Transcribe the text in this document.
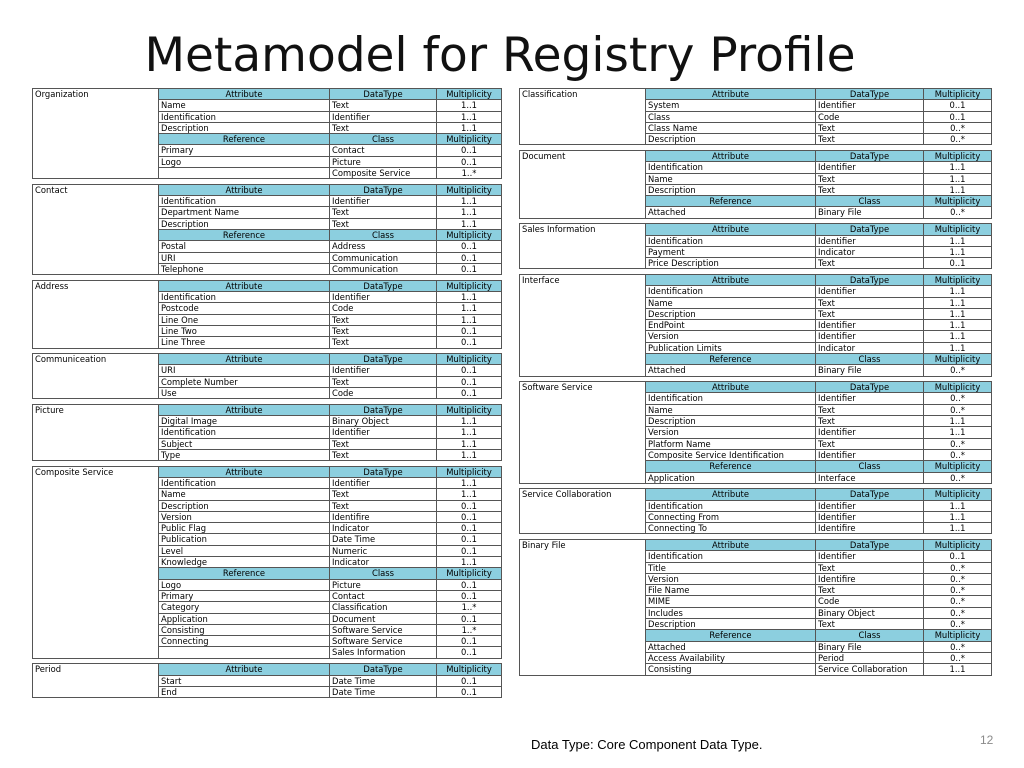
Metamodel for Registry Profile
Organization	Attribute	DataType	Multiplicity
	Name	Text	1..1
	Identification	Identifier	1..1
	Description	Text	1..1
	Reference	Class	Multiplicity
	Primary	Contact	0..1
	Logo	Picture	0..1
		Composite Service	1..*
Contact	Attribute	DataType	Multiplicity
	Identification	Identifier	1..1
	Department Name	Text	1..1
	Description	Text	1..1
	Reference	Class	Multiplicity
	Postal	Address	0..1
	URI	Communication	0..1
	Telephone	Communication	0..1
Address	Attribute	DataType	Multiplicity
	Identification	Identifier	1..1
	Postcode	Code	1..1
	Line One	Text	1..1
	Line Two	Text	0..1
	Line Three	Text	0..1
Communiceation	Attribute	DataType	Multiplicity
	URI	Identifier	0..1
	Complete Number	Text	0..1
	Use	Code	0..1
Picture	Attribute	DataType	Multiplicity
	Digital Image	Binary Object	1..1
	Identification	Identifier	1..1
	Subject	Text	1..1
	Type	Text	1..1
Composite Service	Attribute	DataType	Multiplicity
	Identification	Identifier	1..1
	Name	Text	1..1
	Description	Text	0..1
	Version	Identifire	0..1
	Public Flag	Indicator	0..1
	Publication	Date Time	0..1
	Level	Numeric	0..1
	Knowledge	Indicator	1..1
	Reference	Class	Multiplicity
	Logo	Picture	0..1
	Primary	Contact	0..1
	Category	Classification	1..*
	Application	Document	0..1
	Consisting	Software Service	1..*
	Connecting	Software Service	0..1
		Sales Information	0..1
Period	Attribute	DataType	Multiplicity
	Start	Date Time	0..1
	End	Date Time	0..1
Classification	Attribute	DataType	Multiplicity
	System	Identifier	0..1
	Class	Code	0..1
	Class Name	Text	0..*
	Description	Text	0..*
Document	Attribute	DataType	Multiplicity
	Identification	Identifier	1..1
	Name	Text	1..1
	Description	Text	1..1
	Reference	Class	Multiplicity
	Attached	Binary File	0..*
Sales Information	Attribute	DataType	Multiplicity
	Identification	Identifier	1..1
	Payment	Indicator	1..1
	Price Description	Text	0..1
Interface	Attribute	DataType	Multiplicity
	Identification	Identifier	1..1
	Name	Text	1..1
	Description	Text	1..1
	EndPoint	Identifier	1..1
	Version	Identifier	1..1
	Publication Limits	Indicator	1..1
	Reference	Class	Multiplicity
	Attached	Binary File	0..*
Software Service	Attribute	DataType	Multiplicity
	Identification	Identifier	0..*
	Name	Text	0..*
	Description	Text	1..1
	Version	Identifier	1..1
	Platform Name	Text	0..*
	Composite Service Identification	Identifier	0..*
	Reference	Class	Multiplicity
	Application	Interface	0..*
Service Collaboration	Attribute	DataType	Multiplicity
	Identification	Identifier	1..1
	Connecting From	Identifier	1..1
	Connecting To	Identifire	1..1
Binary File	Attribute	DataType	Multiplicity
	Identification	Identifier	0..1
	Title	Text	0..*
	Version	Identifire	0..*
	File Name	Text	0..*
	MIME	Code	0..*
	Includes	Binary Object	0..*
	Description	Text	0..*
	Reference	Class	Multiplicity
	Attached	Binary File	0..*
	Access Availability	Period	0..*
	Consisting	Service Collaboration	1..1
Data Type: Core Component Data Type.	12
